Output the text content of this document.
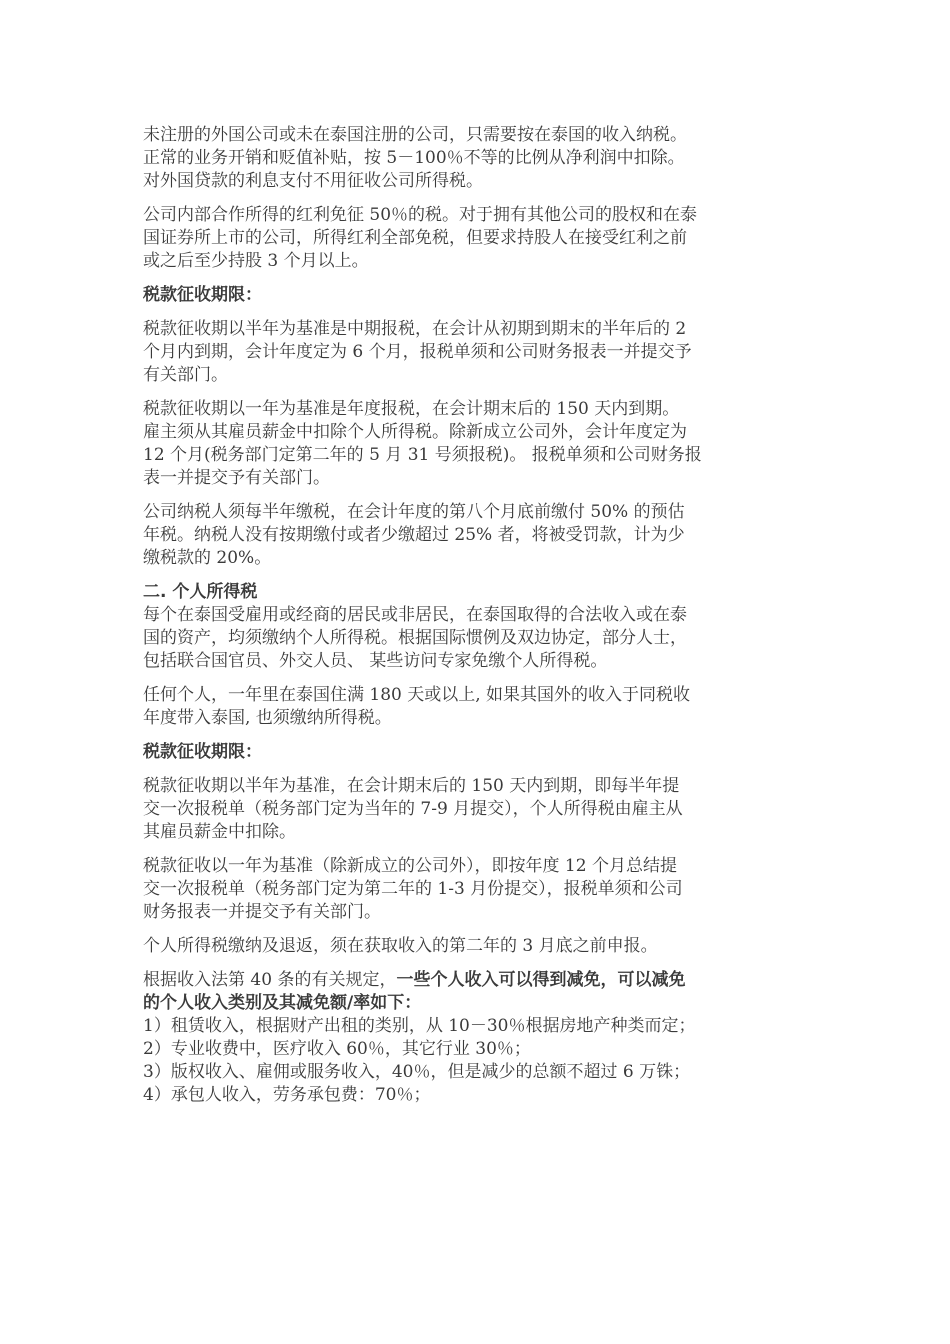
未注册的外国公司或未在泰国注册的公司，只需要按在泰国的收入纳税。
正常的业务开销和贬值补贴，按 5－100％不等的比例从净利润中扣除。
对外国贷款的利息支付不用征收公司所得税。

公司内部合作所得的红利免征 50％的税。对于拥有其他公司的股权和在泰
国证券所上市的公司，所得红利全部免税，但要求持股人在接受红利之前
或之后至少持股 3 个月以上。

税款征收期限：

税款征收期以半年为基准是中期报税，在会计从初期到期末的半年后的 2
个月内到期，会计年度定为 6 个月，报税单须和公司财务报表一并提交予
有关部门。

税款征收期以一年为基准是年度报税，在会计期末后的 150 天内到期。
雇主须从其雇员薪金中扣除个人所得税。除新成立公司外，会计年度定为
12 个月(税务部门定第二年的 5 月 31 号须报税)。 报税单须和公司财务报
表一并提交予有关部门。

公司纳税人须每半年缴税，在会计年度的第八个月底前缴付 50% 的预估
年税。纳税人没有按期缴付或者少缴超过 25% 者，将被受罚款，计为少
缴税款的 20%。

二. 个人所得税

每个在泰国受雇用或经商的居民或非居民，在泰国取得的合法收入或在泰
国的资产，均须缴纳个人所得税。根据国际惯例及双边协定，部分人士，
包括联合国官员、外交人员、 某些访问专家免缴个人所得税。

任何个人，一年里在泰国住满 180 天或以上, 如果其国外的收入于同税收
年度带入泰国, 也须缴纳所得税。

税款征收期限：

税款征收期以半年为基准，在会计期末后的 150 天内到期，即每半年提
交一次报税单（税务部门定为当年的 7-9 月提交），个人所得税由雇主从
其雇员薪金中扣除。

税款征收以一年为基准（除新成立的公司外），即按年度 12 个月总结提
交一次报税单（税务部门定为第二年的 1-3 月份提交），报税单须和公司
财务报表一并提交予有关部门。

个人所得税缴纳及退返，须在获取收入的第二年的 3 月底之前申报。

根据收入法第 40 条的有关规定，一些个人收入可以得到减免，可以减免
的个人收入类别及其减免额/率如下：
1）租赁收入，根据财产出租的类别，从 10－30％根据房地产种类而定；
2）专业收费中，医疗收入 60％，其它行业 30％；
3）版权收入、雇佣或服务收入，40％，但是减少的总额不超过 6 万铢；
4）承包人收入，劳务承包费：70％；
